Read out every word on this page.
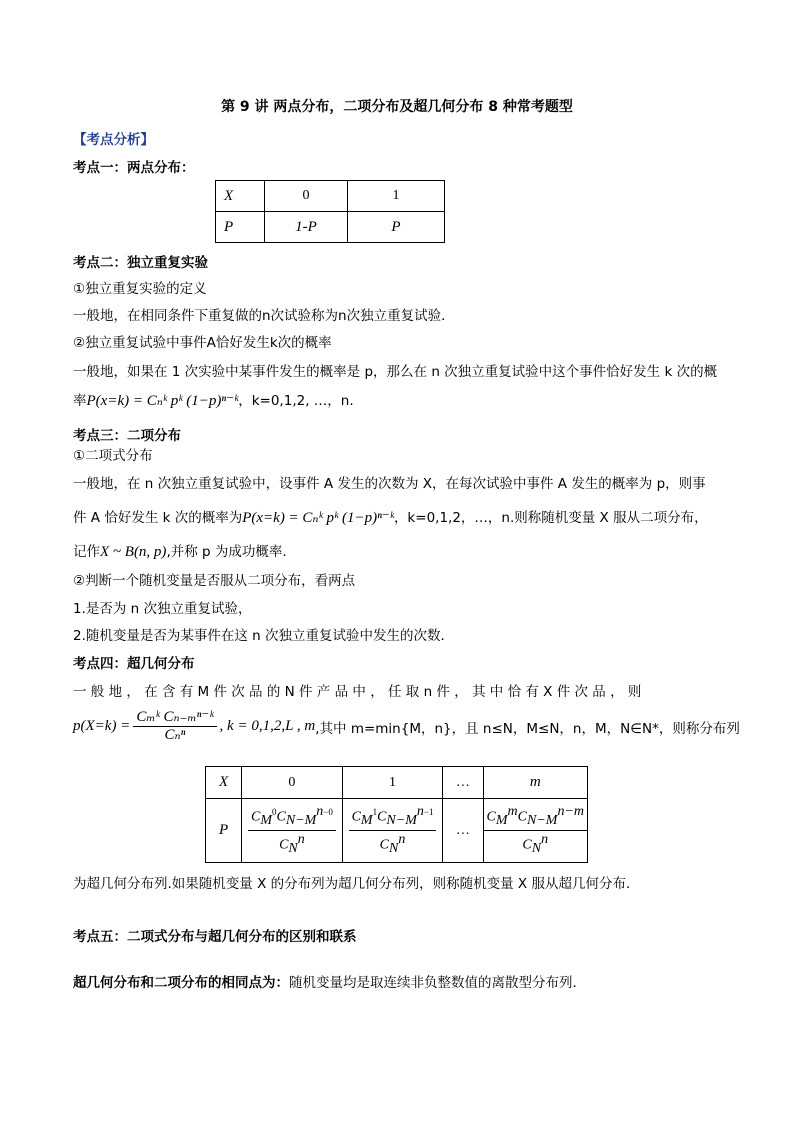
第 9 讲 两点分布，二项分布及超几何分布 8 种常考题型
【考点分析】
考点一：两点分布：
X	0	1
P	1-P	P
考点二：独立重复实验
①独立重复实验的定义
一般地，在相同条件下重复做的n次试验称为n次独立重复试验．
②独立重复试验中事件A恰好发生k次的概率
一般地，如果在 1 次实验中某事件发生的概率是 p，那么在 n 次独立重复试验中这个事件恰好发生 k 次的概
率P(x=k) = Cₙᵏ pᵏ (1−p)ⁿ⁻ᵏ，k=0,1,2, …，n.
考点三：二项分布
①二项式分布
一般地，在 n 次独立重复试验中，设事件 A 发生的次数为 X，在每次试验中事件 A 发生的概率为 p，则事
件 A 恰好发生 k 次的概率为P(x=k) = Cₙᵏ pᵏ (1−p)ⁿ⁻ᵏ，k=0,1,2，…，n.则称随机变量 X 服从二项分布，
记作X ~ B(n, p),并称 p 为成功概率.
②判断一个随机变量是否服从二项分布，看两点
1.是否为 n 次独立重复试验，
2.随机变量是否为某事件在这 n 次独立重复试验中发生的次数．
考点四：超几何分布
一 般 地 ， 在 含 有 M 件 次 品 的 N 件 产 品 中 ， 任 取 n 件 ， 其 中 恰 有 X 件 次 品 ， 则
$p(X=k) = \frac{\text{Cₘᵏ Cₙ₋ₘⁿ⁻ᵏ}}{\text{Cₙⁿ}}$ , k = 0,1,2,L , m ,其中 m=min{M，n}，且 n≤N，M≤N，n，M，N∈N*，则称分布列
X	0	1	…	m
P	$\frac{C_M^0C_{N-M}^{n-0}}{C_N^n}$	$\frac{C_M^1C_{N-M}^{n-1}}{C_N^n}$	…	$\frac{C_M^mC_{N-M}^{n-m}}{C_N^n}$
为超几何分布列.如果随机变量 X 的分布列为超几何分布列，则称随机变量 X 服从超几何分布.
考点五：二项式分布与超几何分布的区别和联系
超几何分布和二项分布的相同点为：随机变量均是取连续非负整数值的离散型分布列．
